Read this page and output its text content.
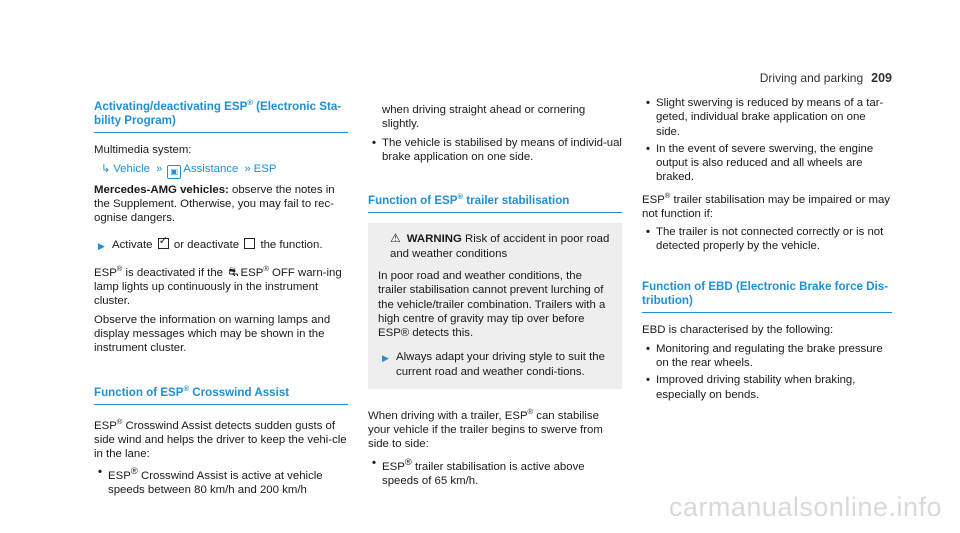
Driving and parking 209
Activating/deactivating ESP® (Electronic Sta-
bility Program)

Multimedia system:

↳ Vehicle » ▣ Assistance » ESP

Mercedes-AMG vehicles: observe the notes in the Supplement. Otherwise, you may fail to rec-ognise dangers.

▶ Activate ✓ or deactivate the function.

ESP® is deactivated if the ⛐ ESP® OFF warn-ing lamp lights up continuously in the instrument cluster.

Observe the information on warning lamps and display messages which may be shown in the instrument cluster.

Function of ESP® Crosswind Assist

ESP® Crosswind Assist detects sudden gusts of side wind and helps the driver to keep the vehi-cle in the lane:

• ESP® Crosswind Assist is active at vehicle speeds between 80 km/h and 200 km/h

when driving straight ahead or cornering slightly.

• The vehicle is stabilised by means of individ-ual brake application on one side.
Function of ESP® trailer stabilisation
⚠ WARNING Risk of accident in poor road and weather conditions
In poor road and weather conditions, the trailer stabilisation cannot prevent lurching of the vehicle/trailer combination. Trailers with a high centre of gravity may tip over before ESP® detects this.
▶ Always adapt your driving style to suit the current road and weather condi-tions.

When driving with a trailer, ESP® can stabilise your vehicle if the trailer begins to swerve from side to side:

• ESP® trailer stabilisation is active above speeds of 65 km/h.
• Slight swerving is reduced by means of a tar-geted, individual brake application on one side.
• In the event of severe swerving, the engine output is also reduced and all wheels are braked.

ESP® trailer stabilisation may be impaired or may not function if:

• The trailer is not connected correctly or is not detected properly by the vehicle.
Function of EBD (Electronic Brake force Dis-
tribution)

EBD is characterised by the following:

• Monitoring and regulating the brake pressure on the rear wheels.
• Improved driving stability when braking, especially on bends.
carmanualsonline.info
